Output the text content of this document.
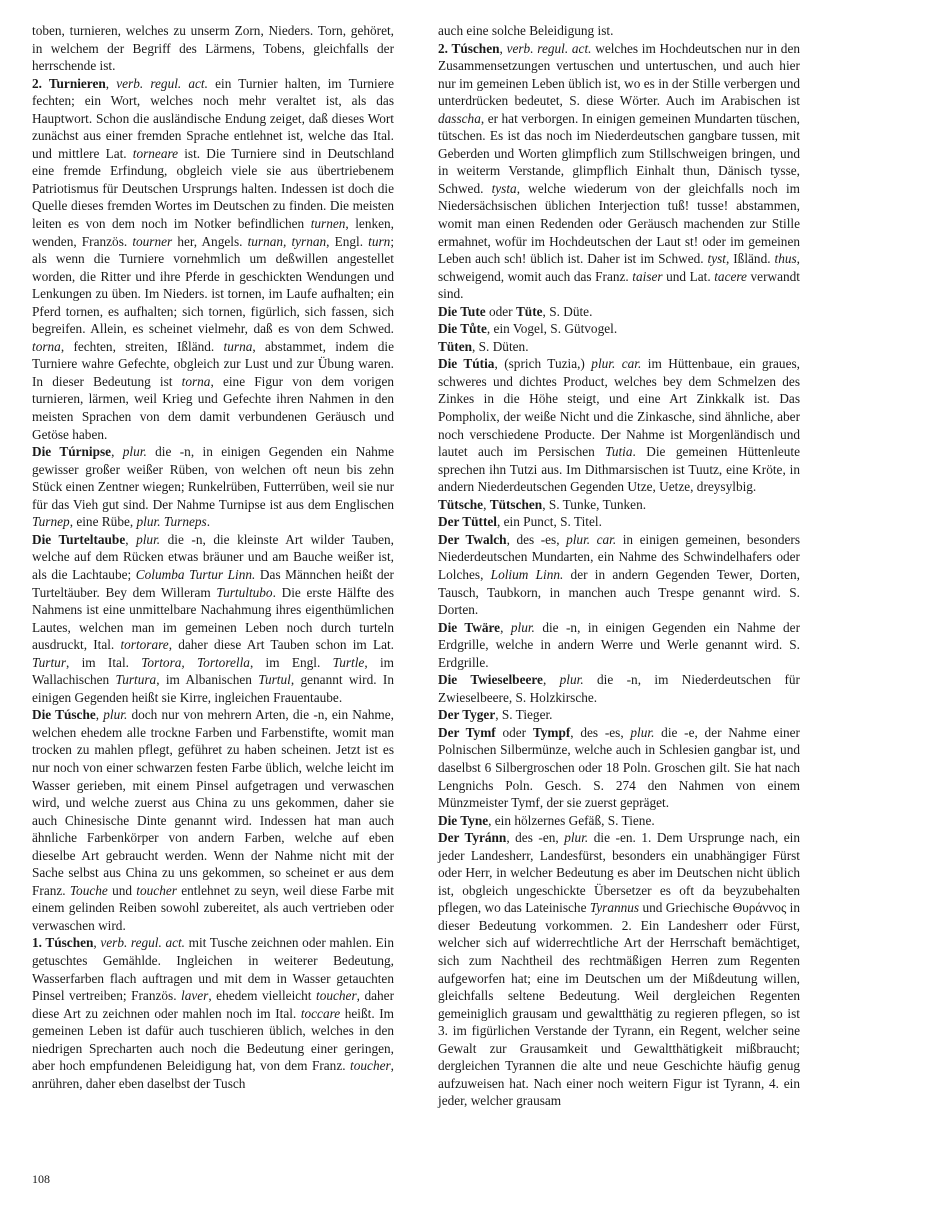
toben, turnieren, welches zu unserm Zorn, Nieders. Torn, gehöret, in welchem der Begriff des Lärmens, Tobens, gleichfalls der herrschende ist.

2. Turnieren, verb. regul. act. ein Turnier halten, im Turniere fechten; ein Wort, welches noch mehr veraltet ist, als das Hauptwort. Schon die ausländische Endung zeiget, daß dieses Wort zunächst aus einer fremden Sprache entlehnet ist, welche das Ital. und mittlere Lat. torneare ist. Die Turniere sind in Deutschland eine fremde Erfindung, obgleich viele sie aus übertriebenem Patriotismus für Deutschen Ursprungs halten. Indessen ist doch die Quelle dieses fremden Wortes im Deutschen zu finden. Die meisten leiten es von dem noch im Notker befindlichen turnen, lenken, wenden, Französ. tourner her, Angels. turnan, tyrnan, Engl. turn; als wenn die Turniere vornehmlich um deßwillen angestellet worden, die Ritter und ihre Pferde in geschickten Wendungen und Lenkungen zu üben. Im Nieders. ist tornen, im Laufe aufhalten; ein Pferd tornen, es aufhalten; sich tornen, figürlich, sich fassen, sich begreifen. Allein, es scheinet vielmehr, daß es von dem Schwed. torna, fechten, streiten, Ißländ. turna, abstammet, indem die Turniere wahre Gefechte, obgleich zur Lust und zur Übung waren. In dieser Bedeutung ist torna, eine Figur von dem vorigen turnieren, lärmen, weil Krieg und Gefechte ihren Nahmen in den meisten Sprachen von dem damit verbundenen Geräusch und Getöse haben.

Die Túrnipse, plur. die -n, in einigen Gegenden ein Nahme gewisser großer weißer Rüben, von welchen oft neun bis zehn Stück einen Zentner wiegen; Runkelrüben, Futterrüben, weil sie nur für das Vieh gut sind. Der Nahme Turnipse ist aus dem Englischen Turnep, eine Rübe, plur. Turneps.

Die Turteltaube, plur. die -n, die kleinste Art wilder Tauben, welche auf dem Rücken etwas bräuner und am Bauche weißer ist, als die Lachtaube; Columba Turtur Linn. Das Männchen heißt der Turteltäuber. Bey dem Willeram Turtultubo. Die erste Hälfte des Nahmens ist eine unmittelbare Nachahmung ihres eigenthümlichen Lautes, welchen man im gemeinen Leben noch durch turteln ausdruckt, Ital. tortorare, daher diese Art Tauben schon im Lat. Turtur, im Ital. Tortora, Tortorella, im Engl. Turtle, im Wallachischen Turtura, im Albanischen Turtul, genannt wird. In einigen Gegenden heißt sie Kirre, ingleichen Frauentaube.

Die Túsche, plur. doch nur von mehrern Arten, die -n, ein Nahme, welchen ehedem alle trockne Farben und Farbenstifte, womit man trocken zu mahlen pflegt, geführet zu haben scheinen. Jetzt ist es nur noch von einer schwarzen festen Farbe üblich, welche leicht im Wasser gerieben, mit einem Pinsel aufgetragen und verwaschen wird, und welche zuerst aus China zu uns gekommen, daher sie auch Chinesische Dinte genannt wird. Indessen hat man auch ähnliche Farbenkörper von andern Farben, welche auf eben dieselbe Art gebraucht werden. Wenn der Nahme nicht mit der Sache selbst aus China zu uns gekommen, so scheinet er aus dem Franz. Touche und toucher entlehnet zu seyn, weil diese Farbe mit einem gelinden Reiben sowohl zubereitet, als auch vertrieben oder verwaschen wird.

1. Túschen, verb. regul. act. mit Tusche zeichnen oder mahlen. Ein getuschtes Gemählde. Ingleichen in weiterer Bedeutung, Wasserfarben flach auftragen und mit dem in Wasser getauchten Pinsel vertreiben; Französ. laver, ehedem vielleicht toucher, daher diese Art zu zeichnen oder mahlen noch im Ital. toccare heißt. Im gemeinen Leben ist dafür auch tuschieren üblich, welches in den niedrigen Sprecharten auch noch die Bedeutung einer geringen, aber hoch empfundenen Beleidigung hat, von dem Franz. toucher, anrühren, daher eben daselbst der Tusch

auch eine solche Beleidigung ist.

2. Túschen, verb. regul. act. welches im Hochdeutschen nur in den Zusammensetzungen vertuschen und untertuschen, und auch hier nur im gemeinen Leben üblich ist, wo es in der Stille verbergen und unterdrücken bedeutet, S. diese Wörter. Auch im Arabischen ist dasscha, er hat verborgen. In einigen gemeinen Mundarten tüschen, tütschen. Es ist das noch im Niederdeutschen gangbare tussen, mit Geberden und Worten glimpflich zum Stillschweigen bringen, und in weiterm Verstande, glimpflich Einhalt thun, Dänisch tysse, Schwed. tysta, welche wiederum von der gleichfalls noch im Niedersächsischen üblichen Interjection tuß! tusse! abstammen, womit man einen Redenden oder Geräusch machenden zur Stille ermahnet, wofür im Hochdeutschen der Laut st! oder im gemeinen Leben auch sch! üblich ist. Daher ist im Schwed. tyst, Ißländ. thus, schweigend, womit auch das Franz. taiser und Lat. tacere verwandt sind.

Die Tute oder Tüte, S. Düte.

Die Tůte, ein Vogel, S. Gütvogel.

Tüten, S. Düten.

Die Tútia, (sprich Tuzia,) plur. car. im Hüttenbaue, ein graues, schweres und dichtes Product, welches bey dem Schmelzen des Zinkes in die Höhe steigt, und eine Art Zinkkalk ist. Das Pompholix, der weiße Nicht und die Zinkasche, sind ähnliche, aber noch verschiedene Producte. Der Nahme ist Morgenländisch und lautet auch im Persischen Tutia. Die gemeinen Hüttenleute sprechen ihn Tutzi aus. Im Dithmarsischen ist Tuutz, eine Kröte, in andern Niederdeutschen Gegenden Utze, Uetze, dreysylbig.

Tütsche, Tütschen, S. Tunke, Tunken.

Der Tüttel, ein Punct, S. Titel.

Der Twalch, des -es, plur. car. in einigen gemeinen, besonders Niederdeutschen Mundarten, ein Nahme des Schwindelhafers oder Lolches, Lolium Linn. der in andern Gegenden Tewer, Dorten, Tausch, Taubkorn, in manchen auch Trespe genannt wird. S. Dorten.

Die Twäre, plur. die -n, in einigen Gegenden ein Nahme der Erdgrille, welche in andern Werre und Werle genannt wird. S. Erdgrille.

Die Twieselbeere, plur. die -n, im Niederdeutschen für Zwieselbeere, S. Holzkirsche.

Der Tyger, S. Tieger.

Der Tymf oder Tympf, des -es, plur. die -e, der Nahme einer Polnischen Silbermünze, welche auch in Schlesien gangbar ist, und daselbst 6 Silbergroschen oder 18 Poln. Groschen gilt. Sie hat nach Lengnichs Poln. Gesch. S. 274 den Nahmen von einem Münzmeister Tymf, der sie zuerst gepräget.

Die Tyne, ein hölzernes Gefäß, S. Tiene.

Der Tyránn, des -en, plur. die -en. 1. Dem Ursprunge nach, ein jeder Landesherr, Landesfürst, besonders ein unabhängiger Fürst oder Herr, in welcher Bedeutung es aber im Deutschen nicht üblich ist, obgleich ungeschickte Übersetzer es oft da beyzubehalten pflegen, wo das Lateinische Tyrannus und Griechische Θυράννος in dieser Bedeutung vorkommen. 2. Ein Landesherr oder Fürst, welcher sich auf widerrechtliche Art der Herrschaft bemächtiget, sich zum Nachtheil des rechtmäßigen Herren zum Regenten aufgeworfen hat; eine im Deutschen um der Mißdeutung willen, gleichfalls seltene Bedeutung. Weil dergleichen Regenten gemeiniglich grausam und gewaltthätig zu regieren pflegen, so ist 3. im figürlichen Verstande der Tyrann, ein Regent, welcher seine Gewalt zur Grausamkeit und Gewaltthätigkeit mißbraucht; dergleichen Tyrannen die alte und neue Geschichte häufig genug aufzuweisen hat. Nach einer noch weitern Figur ist Tyrann, 4. ein jeder, welcher grausam

108
